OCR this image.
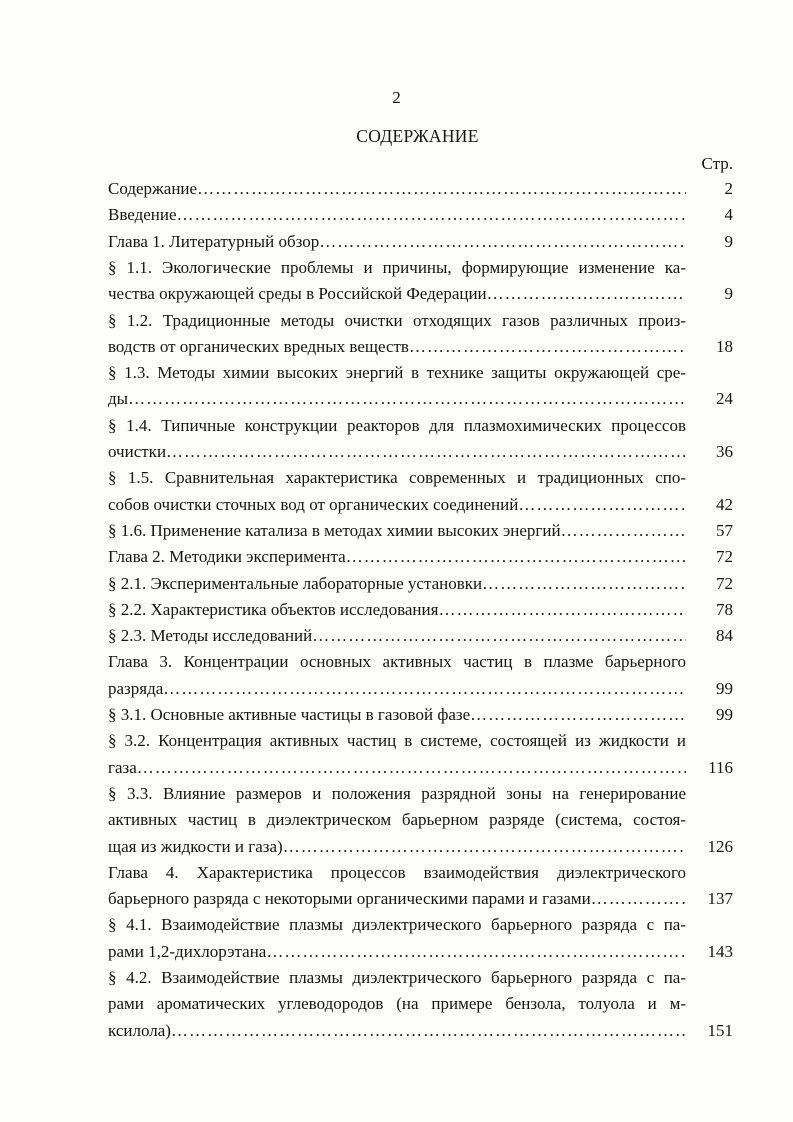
2
СОДЕРЖАНИЕ
Стр.
Содержание ………………………………………………………………………………………………………………………………………………………………………………	2
Введение ………………………………………………………………………………………………………………………………………………………………………………	4
Глава 1. Литературный обзор ………………………………………………………………………………………………………………………………………………………………………………	9
§ 1.1. Экологические проблемы и причины, формирующие изменение ка-
чества окружающей среды в Российской Федерации ………………………………………………………………………………………………………………………………………………………………………………	9
§ 1.2. Традиционные методы очистки отходящих газов различных произ-
водств от органических вредных веществ ………………………………………………………………………………………………………………………………………………………………………………	18
§ 1.3. Методы химии высоких энергий в технике защиты окружающей сре-
ды ………………………………………………………………………………………………………………………………………………………………………………	24
§ 1.4. Типичные конструкции реакторов для плазмохимических процессов
очистки ………………………………………………………………………………………………………………………………………………………………………………	36
§ 1.5. Сравнительная характеристика современных и традиционных спо-
собов очистки сточных вод от органических соединений ………………………………………………………………………………………………………………………………………………………………………………	42
§ 1.6. Применение катализа в методах химии высоких энергий ………………………………………………………………………………………………………………………………………………………………………………	57
Глава 2. Методики эксперимента ………………………………………………………………………………………………………………………………………………………………………………	72
§ 2.1. Экспериментальные лабораторные установки ………………………………………………………………………………………………………………………………………………………………………………	72
§ 2.2. Характеристика объектов исследования ………………………………………………………………………………………………………………………………………………………………………………	78
§ 2.3. Методы исследований ………………………………………………………………………………………………………………………………………………………………………………	84
Глава 3. Концентрации основных активных частиц в плазме барьерного
разряда ………………………………………………………………………………………………………………………………………………………………………………	99
§ 3.1. Основные активные частицы в газовой фазе ………………………………………………………………………………………………………………………………………………………………………………	99
§ 3.2. Концентрация активных частиц в системе, состоящей из жидкости и
газа ………………………………………………………………………………………………………………………………………………………………………………	116
§ 3.3. Влияние размеров и положения разрядной зоны на генерирование
активных частиц в диэлектрическом барьерном разряде (система, состоя-
щая из жидкости и газа) ………………………………………………………………………………………………………………………………………………………………………………	126
Глава 4. Характеристика процессов взаимодействия диэлектрического
барьерного разряда с некоторыми органическими парами и газами ………………………………………………………………………………………………………………………………………………………………………………	137
§ 4.1. Взаимодействие плазмы диэлектрического барьерного разряда с па-
рами 1,2-дихлорэтана ………………………………………………………………………………………………………………………………………………………………………………	143
§ 4.2. Взаимодействие плазмы диэлектрического барьерного разряда с па-
рами ароматических углеводородов (на примере бензола, толуола и м-
ксилола) ………………………………………………………………………………………………………………………………………………………………………………	151
